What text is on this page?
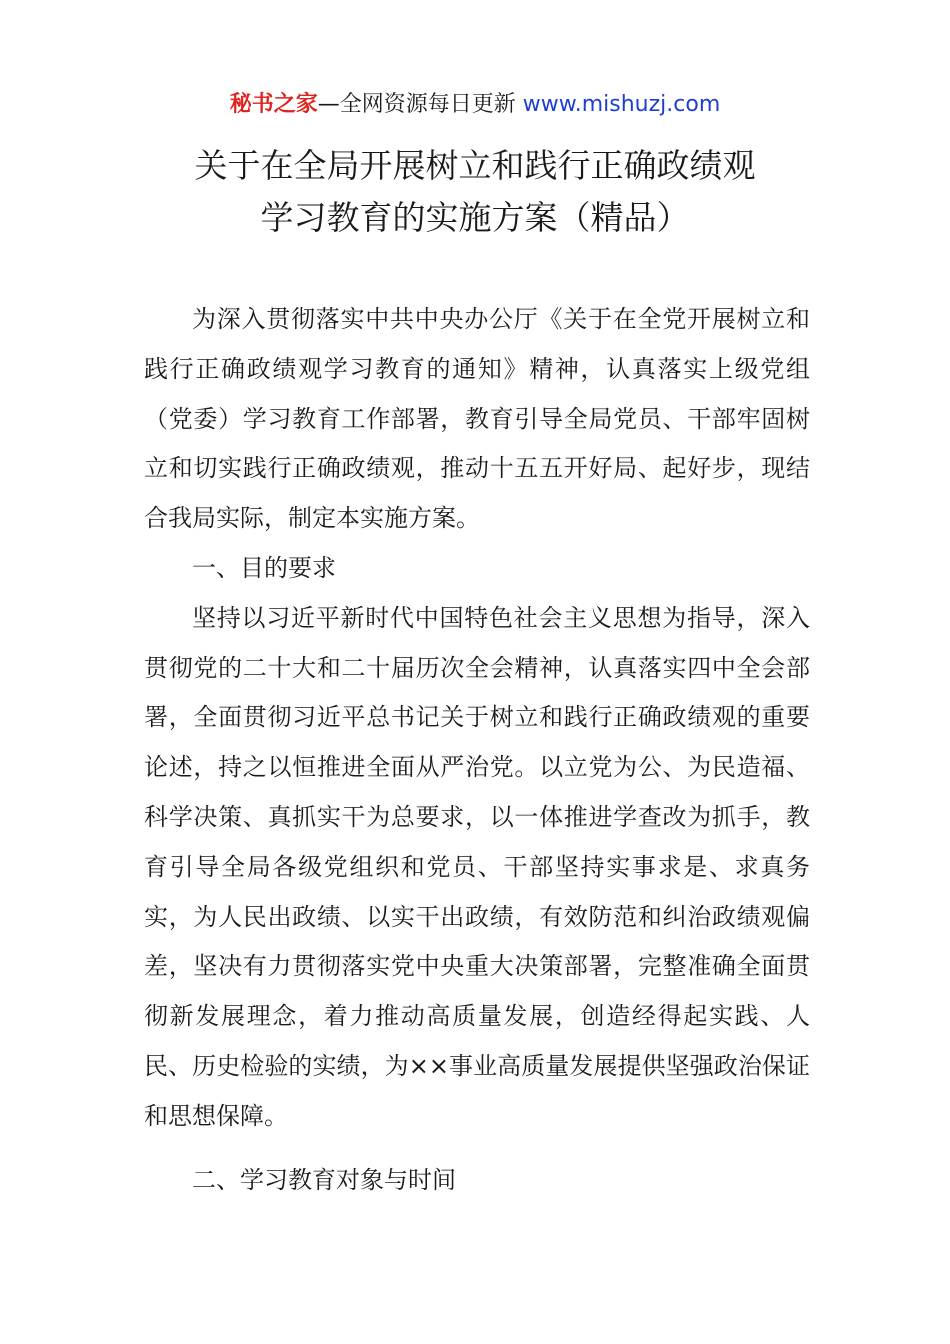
秘书之家—全网资源每日更新 www.mishuzj.com
关于在全局开展树立和践行正确政绩观
学习教育的实施方案（精品）

为深入贯彻落实中共中央办公厅《关于在全党开展树立和践行正确政绩观学习教育的通知》精神，认真落实上级党组（党委）学习教育工作部署，教育引导全局党员、干部牢固树立和切实践行正确政绩观，推动十五五开好局、起好步，现结合我局实际，制定本实施方案。

一、目的要求

坚持以习近平新时代中国特色社会主义思想为指导，深入贯彻党的二十大和二十届历次全会精神，认真落实四中全会部署，全面贯彻习近平总书记关于树立和践行正确政绩观的重要论述，持之以恒推进全面从严治党。以立党为公、为民造福、科学决策、真抓实干为总要求，以一体推进学查改为抓手，教育引导全局各级党组织和党员、干部坚持实事求是、求真务实，为人民出政绩、以实干出政绩，有效防范和纠治政绩观偏差，坚决有力贯彻落实党中央重大决策部署，完整准确全面贯彻新发展理念，着力推动高质量发展，创造经得起实践、人民、历史检验的实绩，为××事业高质量发展提供坚强政治保证和思想保障。

二、学习教育对象与时间
